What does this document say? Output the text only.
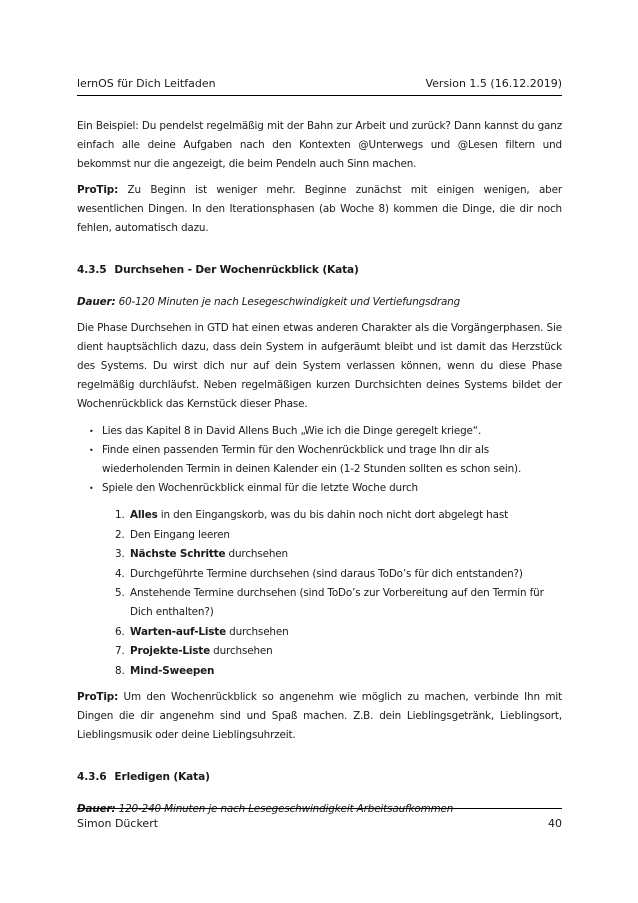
lernOS für Dich Leitfaden	Version 1.5 (16.12.2019)

Ein Beispiel: Du pendelst regelmäßig mit der Bahn zur Arbeit und zurück? Dann kannst du ganz einfach alle deine Aufgaben nach den Kontexten @Unterwegs und @Lesen filtern und bekommst nur die angezeigt, die beim Pendeln auch Sinn machen.

ProTip: Zu Beginn ist weniger mehr. Beginne zunächst mit einigen wenigen, aber wesentlichen Dingen. In den Iterationsphasen (ab Woche 8) kommen die Dinge, die dir noch fehlen, automatisch dazu.

4.3.5 Durchsehen - Der Wochenrückblick (Kata)

Dauer: 60-120 Minuten je nach Lesegeschwindigkeit und Vertiefungsdrang

Die Phase Durchsehen in GTD hat einen etwas anderen Charakter als die Vorgängerphasen. Sie dient hauptsächlich dazu, dass dein System in aufgeräumt bleibt und ist damit das Herzstück des Systems. Du wirst dich nur auf dein System verlassen können, wenn du diese Phase regelmäßig durchläufst. Neben regelmäßigen kurzen Durchsichten deines Systems bildet der Wochenrückblick das Kernstück dieser Phase.

• Lies das Kapitel 8 in David Allens Buch „Wie ich die Dinge geregelt kriege“.
• Finde einen passenden Termin für den Wochenrückblick und trage Ihn dir als wiederholenden Termin in deinen Kalender ein (1-2 Stunden sollten es schon sein).
• Spiele den Wochenrückblick einmal für die letzte Woche durch
1. Alles in den Eingangskorb, was du bis dahin noch nicht dort abgelegt hast
2. Den Eingang leeren
3. Nächste Schritte durchsehen
4. Durchgeführte Termine durchsehen (sind daraus ToDo’s für dich entstanden?)
5. Anstehende Termine durchsehen (sind ToDo’s zur Vorbereitung auf den Termin für Dich enthalten?)
6. Warten-auf-Liste durchsehen
7. Projekte-Liste durchsehen
8. Mind-Sweepen

ProTip: Um den Wochenrückblick so angenehm wie möglich zu machen, verbinde Ihn mit Dingen die dir angenehm sind und Spaß machen. Z.B. dein Lieblingsgetränk, Lieblingsort, Lieblingsmusik oder deine Lieblingsuhrzeit.

4.3.6 Erledigen (Kata)

Dauer: 120-240 Minuten je nach Lesegeschwindigkeit Arbeitsaufkommen

Simon Dückert	40
